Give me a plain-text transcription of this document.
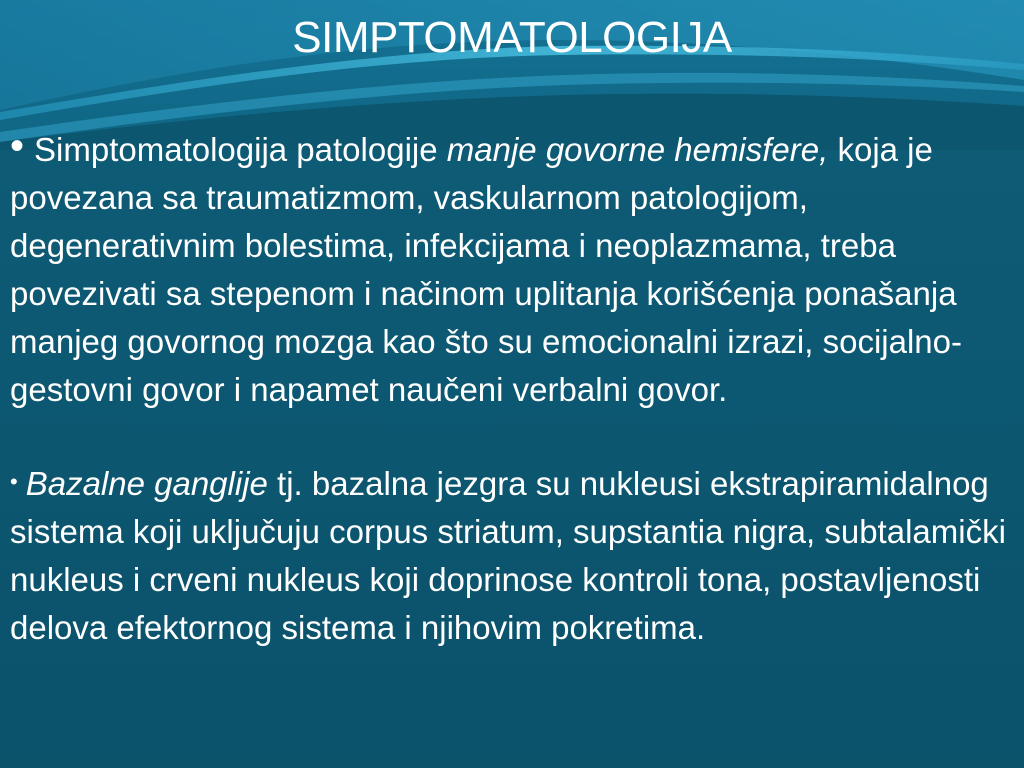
SIMPTOMATOLOGIJA

• Simptomatologija patologije manje govorne hemisfere, koja je povezana sa traumatizmom, vaskularnom patologijom, degenerativnim bolestima, infekcijama i neoplazmama, treba povezivati sa stepenom i načinom uplitanja korišćenja ponašanja manjeg govornog mozga kao što su emocionalni izrazi, socijalno-gestovni govor i napamet naučeni verbalni govor.

• Bazalne ganglije tj. bazalna jezgra su nukleusi ekstrapiramidalnog sistema koji uključuju corpus striatum, supstantia nigra, subtalamički nukleus i crveni nukleus koji doprinose kontroli tona, postavljenosti delova efektornog sistema i njihovim pokretima.
